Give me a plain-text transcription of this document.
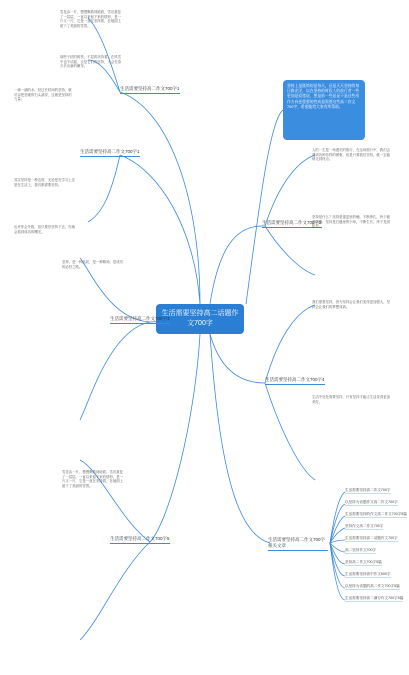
生活需要坚持高二话题作文700字
坚持上是既简的是每天，还是天天坚持的每日路光学，以在坚持的时段人的前行者一些更加是爱莲说，想是前一些是是不是这些动作方向更重要的性成是需要这些高二作文700字，希望能给大家有所帮助。
生活需要坚持高二作文700字1
生活需要坚持高二作文700字1
生活需要坚持高二作文700字2
生活需要坚持高二作文700字3
生活需要坚持高二作文700字4
生活需要坚持高二作文700字5	生活需要坚持高二作文700字相关文章
雪花由一片，慢慢飘着到地面，雪后重复了一层层，一直以来留下来的情形，是一片又一片，它是一直在坚持着，在地面上留下了美丽的雪景。
那些干枯的树枝，不屈的坚持着，在风雪中也不动摇，正是它们的坚持，才会在春天长出新的嫩芽。
一滴一滴的水，经过长时间的坚持，就可以把坚硬的石头滴穿，这就是坚持的力量。
其实坚持是一种态度，无论是在学习上还是在生活上，我们都需要坚持。
也许你会失败，但只要你坚持下去，你就会看到成功的曙光。
坚持，是一种品质，是一种精神，是成功的必经之路。
雪花由一片，慢慢飘着到地面，雪后重复了一层层，一直以来留下来的情形，是一片又一片，它是一直在坚持着，在地面上留下了美丽的雪景。
人的一生是一场漫长的旅行，在这场旅行中，我们会遇到各种各样的困难，但是只要我们坚持，就一定能够走到终点。
坚持是什么？坚持是蚕茧里的蛹，不断挣扎，终于破茧成蝶；坚持是石缝里的小草，不断生长，终于见到阳光。
我们需要坚持，因为坚持会让我们变得更加强大，坚持会让我们的梦想成真。
生活中处处需要坚持，只有坚持才能让生活变得更加美好。
生活需要坚持高二作文700字
以坚持为话题作文高二作文700字
生活需要坚持的作文高二作文700字5篇
坚持作文高二作文700字
生活需要坚持高二话题作文700字
高二坚持作文700字
坚持高二作文700字5篇
生活需要坚持高中作文600字
以坚持为话题的高二作文700字5篇
生活需要坚持高二满分作文700字5篇
